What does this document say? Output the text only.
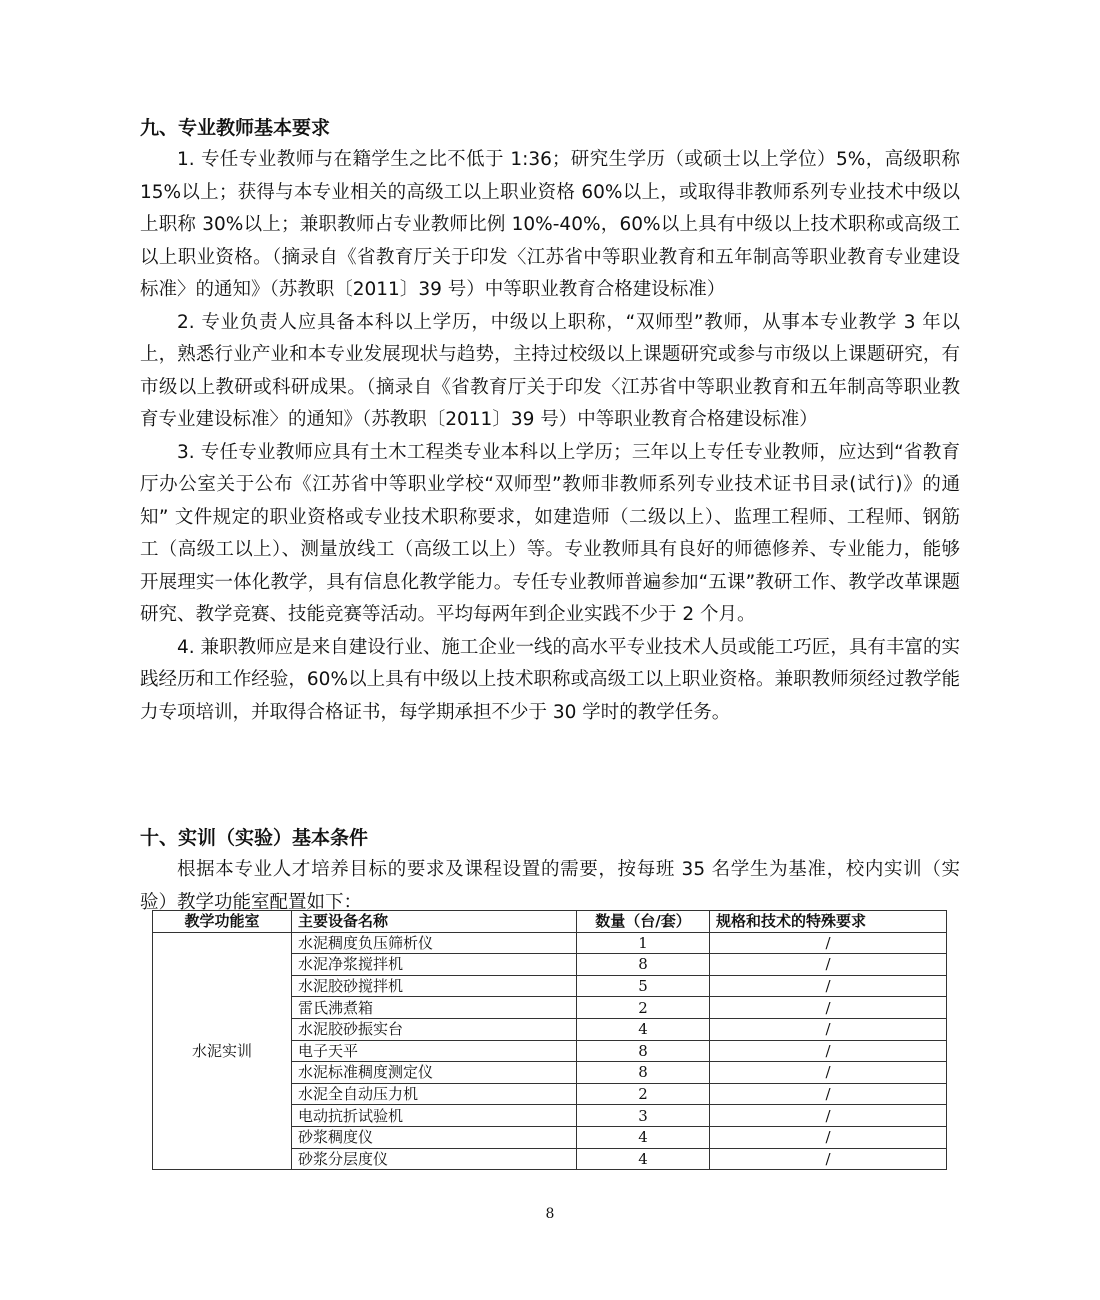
九、专业教师基本要求

1. 专任专业教师与在籍学生之比不低于 1:36；研究生学历（或硕士以上学位）5%，高级职称 15%以上；获得与本专业相关的高级工以上职业资格 60%以上，或取得非教师系列专业技术中级以上职称 30%以上；兼职教师占专业教师比例 10%-40%，60%以上具有中级以上技术职称或高级工以上职业资格。（摘录自《省教育厅关于印发〈江苏省中等职业教育和五年制高等职业教育专业建设标准〉的通知》（苏教职〔2011〕39 号）中等职业教育合格建设标准）

2. 专业负责人应具备本科以上学历，中级以上职称，“双师型”教师，从事本专业教学 3 年以上，熟悉行业产业和本专业发展现状与趋势，主持过校级以上课题研究或参与市级以上课题研究，有市级以上教研或科研成果。（摘录自《省教育厅关于印发〈江苏省中等职业教育和五年制高等职业教育专业建设标准〉的通知》（苏教职〔2011〕39 号）中等职业教育合格建设标准）

3. 专任专业教师应具有土木工程类专业本科以上学历；三年以上专任专业教师，应达到“省教育厅办公室关于公布《江苏省中等职业学校“双师型”教师非教师系列专业技术证书目录(试行)》的通知” 文件规定的职业资格或专业技术职称要求，如建造师（二级以上）、监理工程师、工程师、钢筋工（高级工以上）、测量放线工（高级工以上）等。专业教师具有良好的师德修养、专业能力，能够开展理实一体化教学，具有信息化教学能力。专任专业教师普遍参加“五课”教研工作、教学改革课题研究、教学竞赛、技能竞赛等活动。平均每两年到企业实践不少于 2 个月。

4. 兼职教师应是来自建设行业、施工企业一线的高水平专业技术人员或能工巧匠，具有丰富的实践经历和工作经验，60%以上具有中级以上技术职称或高级工以上职业资格。兼职教师须经过教学能力专项培训，并取得合格证书，每学期承担不少于 30 学时的教学任务。

十、实训（实验）基本条件

根据本专业人才培养目标的要求及课程设置的需要，按每班 35 名学生为基准，校内实训（实验）教学功能室配置如下：

教学功能室	主要设备名称	数量（台/套）	规格和技术的特殊要求
水泥实训	水泥稠度负压筛析仪	1	/
	水泥净浆搅拌机	8	/
	水泥胶砂搅拌机	5	/
	雷氏沸煮箱	2	/
	水泥胶砂振实台	4	/
	电子天平	8	/
	水泥标准稠度测定仪	8	/
	水泥全自动压力机	2	/
	电动抗折试验机	3	/
	砂浆稠度仪	4	/
	砂浆分层度仪	4	/
8
